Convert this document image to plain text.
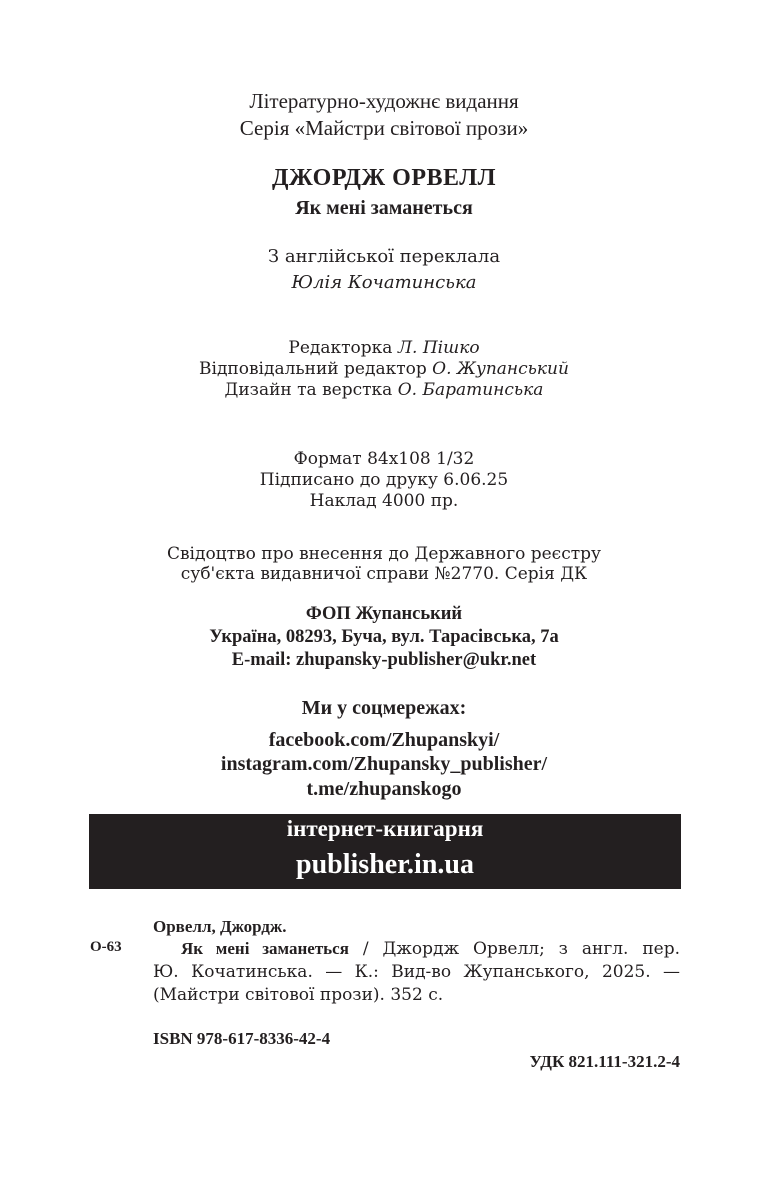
Літературно-художнє видання
Серія «Майстри світової прози»
ДЖОРДЖ ОРВЕЛЛ
Як мені заманеться
З англійської переклала
Юлія Кочатинська
Редакторка Л. Пішко
Відповідальний редактор О. Жупанський
Дизайн та верстка О. Баратинська
Формат 84x108 1/32
Підписано до друку 6.06.25
Наклад 4000 пр.
Свідоцтво про внесення до Державного реєстру
суб'єкта видавничої справи №2770. Серія ДК
ФОП Жупанський
Україна, 08293, Буча, вул. Тарасівська, 7а
E-mail: zhupansky-publisher@ukr.net
Ми у соцмережах:
facebook.com/Zhupanskyi/
instagram.com/Zhupansky_publisher/
t.me/zhupanskogo
інтернет-книгарня
publisher.in.ua
Орвелл, Джордж.
О-63	Як мені заманеться / Джордж Орвелл; з англ. пер.
Ю. Кочатинська. — К.: Вид-во Жупанського, 2025. —
(Майстри світової прози). 352 с.
ISBN 978-617-8336-42-4
УДК 821.111-321.2-4
